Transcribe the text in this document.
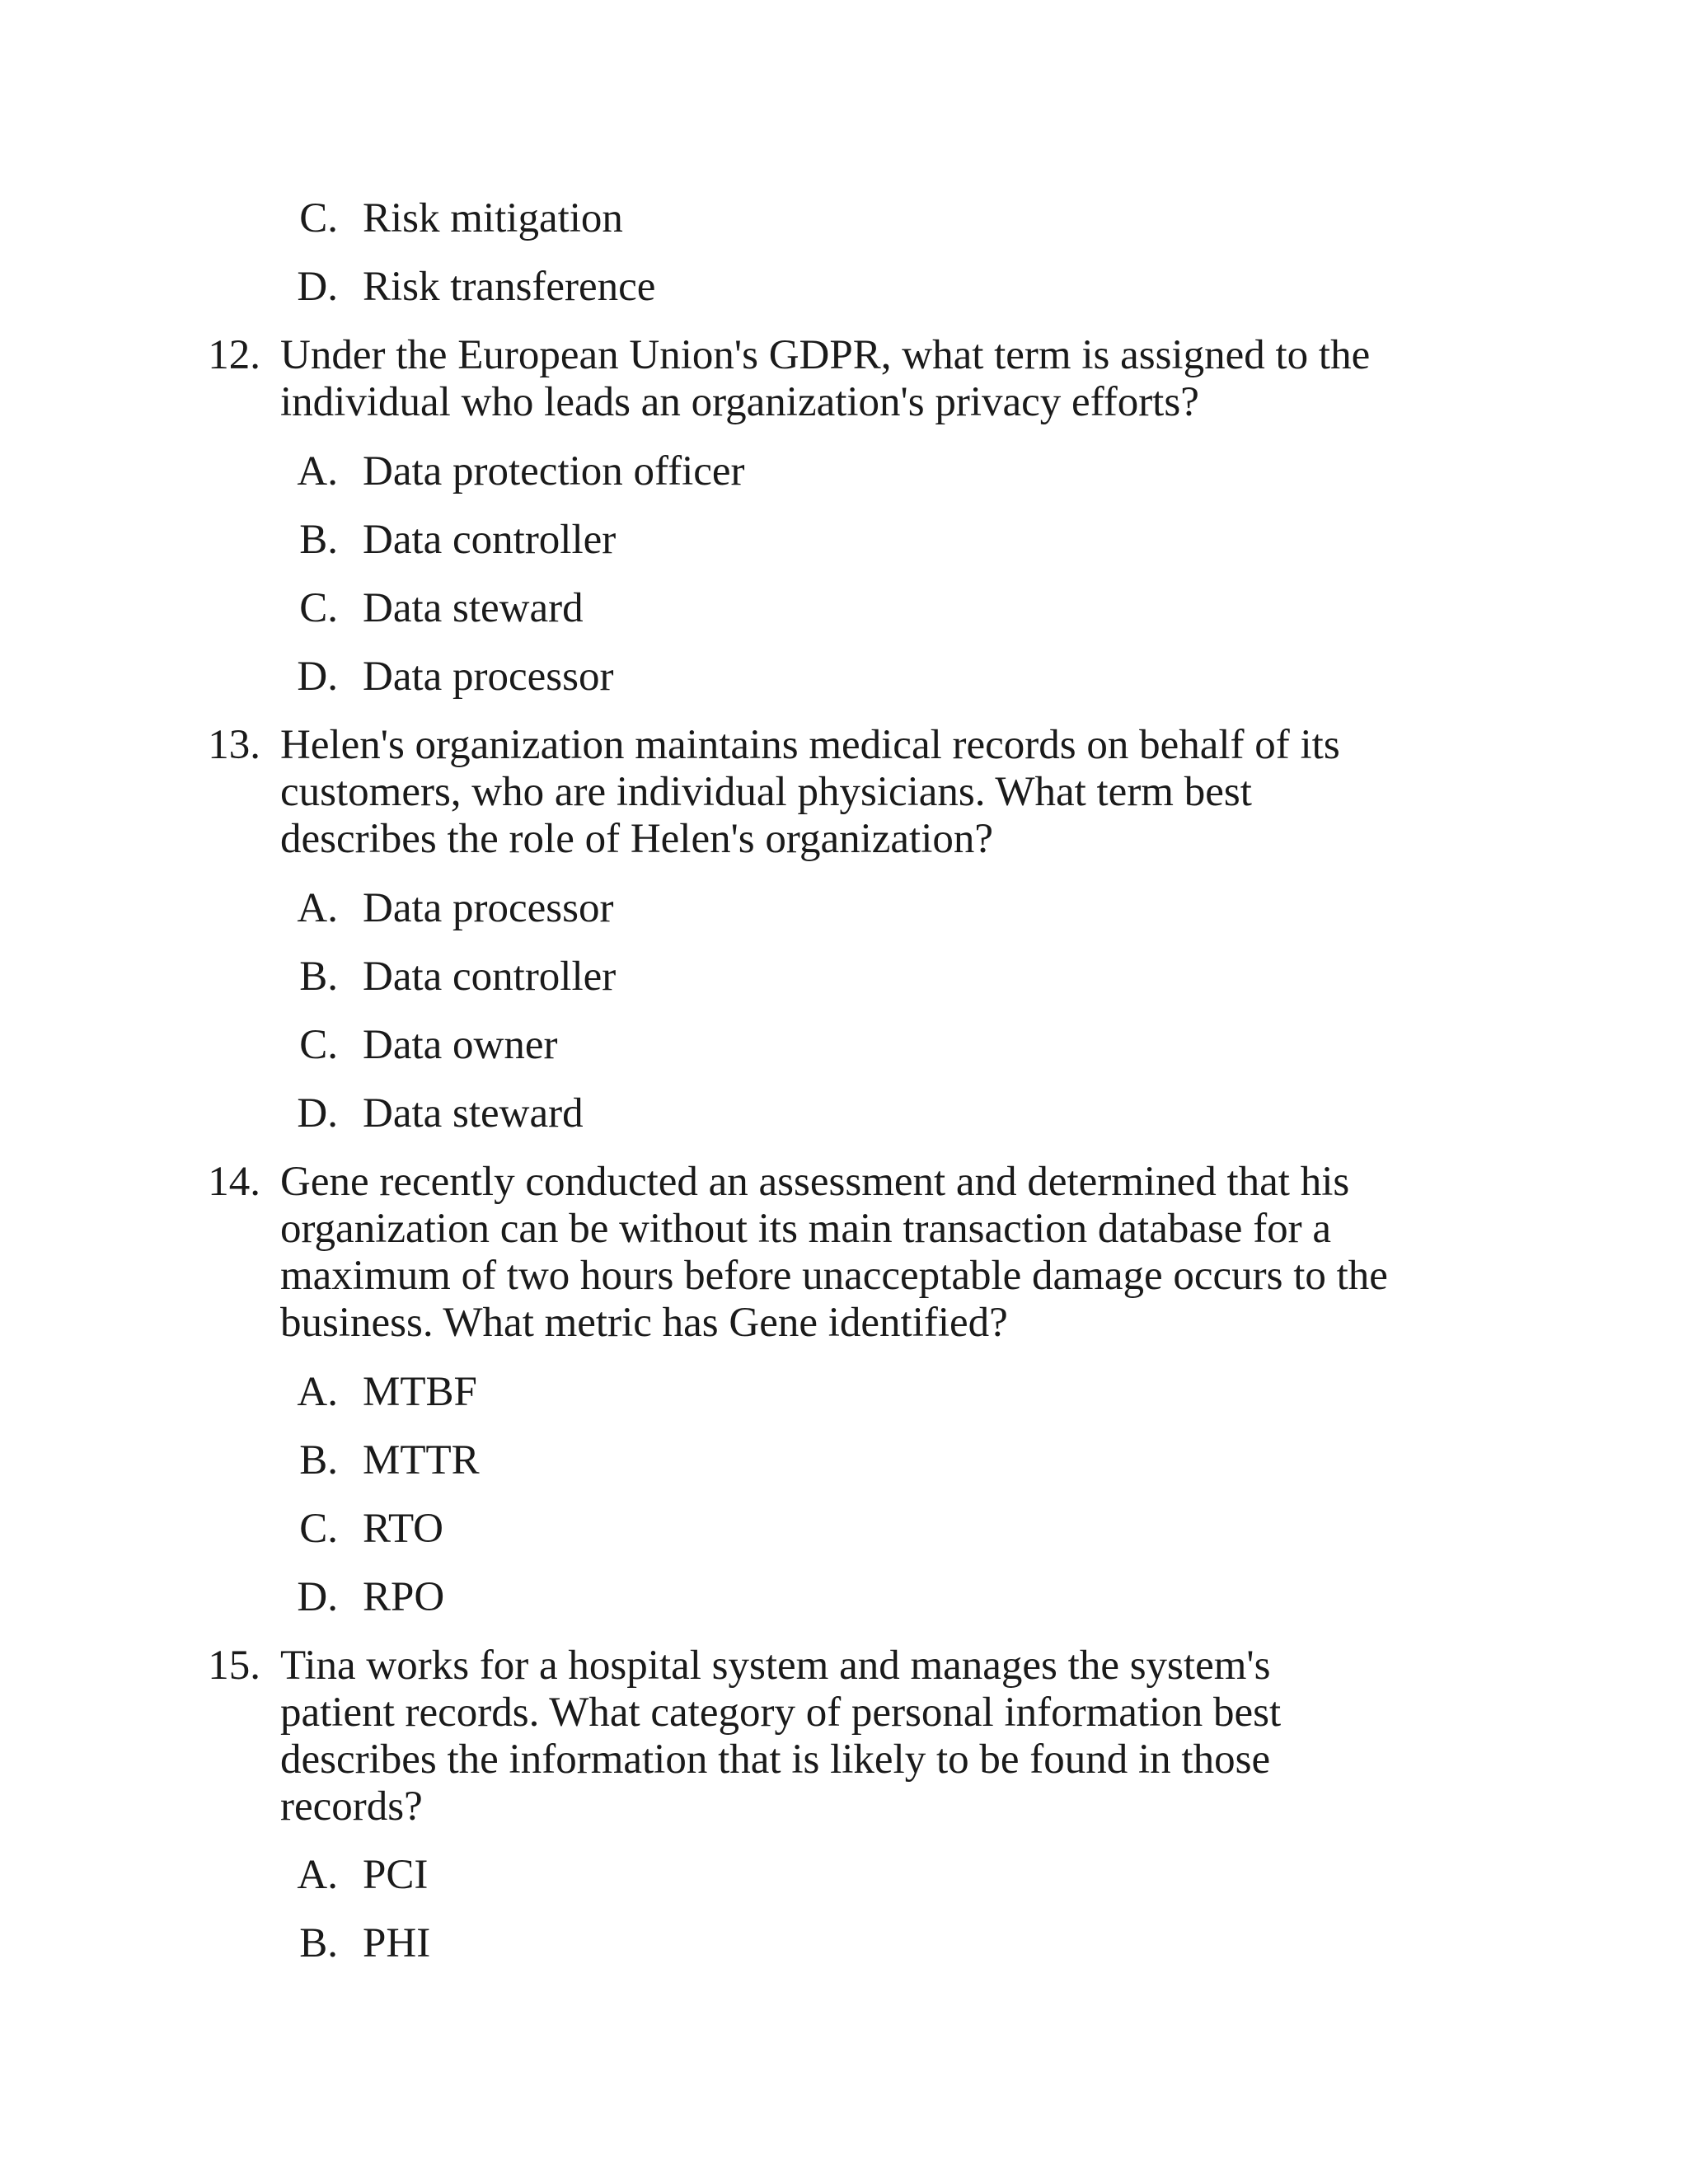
C. Risk mitigation
D. Risk transference
12. Under the European Union's GDPR, what term is assigned to the
individual who leads an organization's privacy efforts?
A. Data protection officer
B. Data controller
C. Data steward
D. Data processor
13. Helen's organization maintains medical records on behalf of its
customers, who are individual physicians. What term best
describes the role of Helen's organization?
A. Data processor
B. Data controller
C. Data owner
D. Data steward
14. Gene recently conducted an assessment and determined that his
organization can be without its main transaction database for a
maximum of two hours before unacceptable damage occurs to the
business. What metric has Gene identified?
A. MTBF
B. MTTR
C. RTO
D. RPO
15. Tina works for a hospital system and manages the system's
patient records. What category of personal information best
describes the information that is likely to be found in those
records?
A. PCI
B. PHI
